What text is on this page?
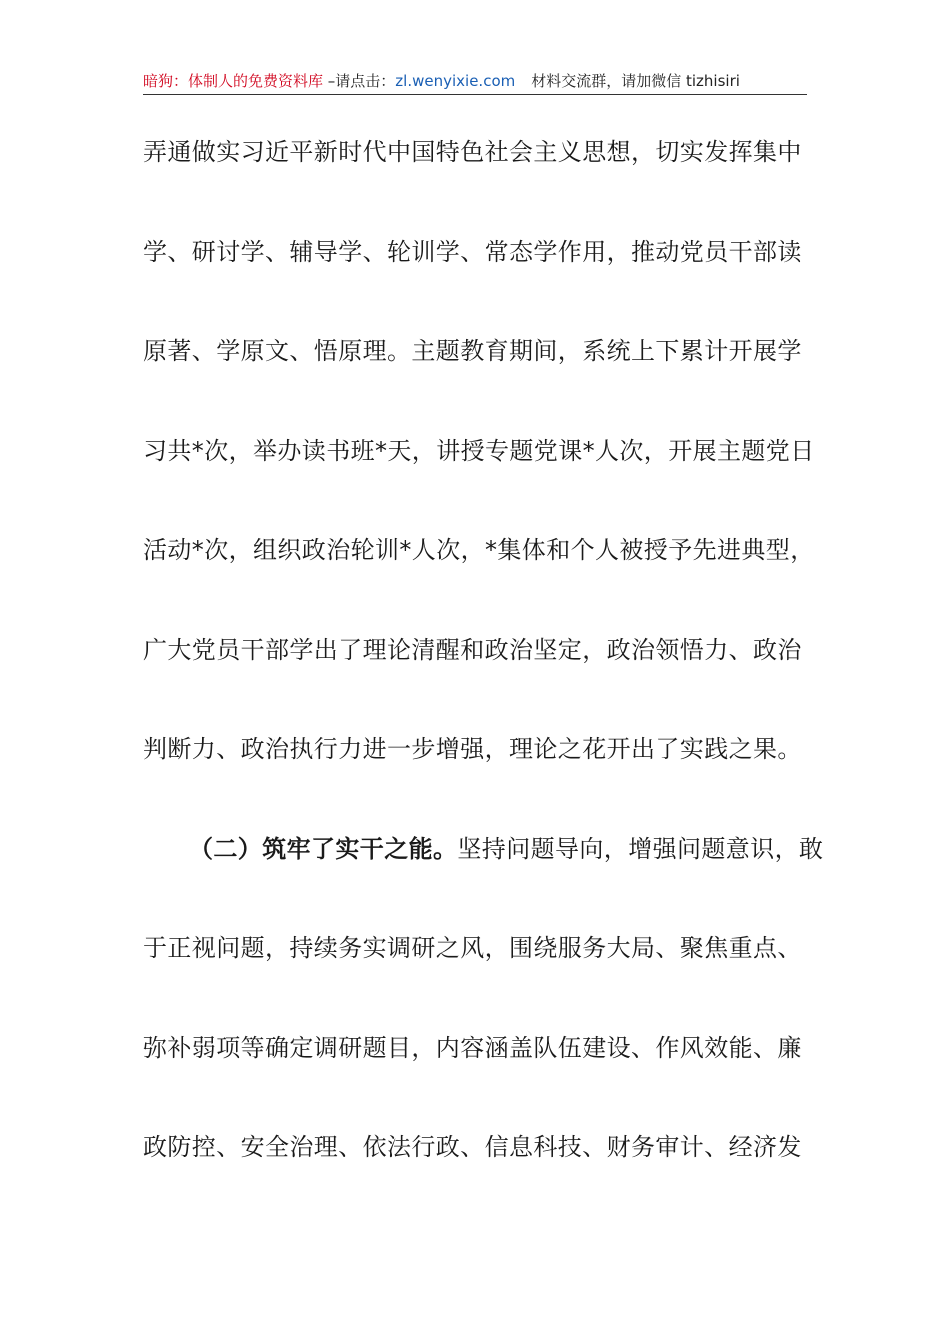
暗狗：体制人的免费资料库 –请点击：zl.wenyixie.com 材料交流群，请加微信 tizhisiri
弄通做实习近平新时代中国特色社会主义思想，切实发挥集中
学、研讨学、辅导学、轮训学、常态学作用，推动党员干部读
原著、学原文、悟原理。主题教育期间，系统上下累计开展学
习共*次，举办读书班*天，讲授专题党课*人次，开展主题党日
活动*次，组织政治轮训*人次，*集体和个人被授予先进典型，
广大党员干部学出了理论清醒和政治坚定，政治领悟力、政治
判断力、政治执行力进一步增强，理论之花开出了实践之果。
（二）筑牢了实干之能。坚持问题导向，增强问题意识，敢
于正视问题，持续务实调研之风，围绕服务大局、聚焦重点、
弥补弱项等确定调研题目，内容涵盖队伍建设、作风效能、廉
政防控、安全治理、依法行政、信息科技、财务审计、经济发
